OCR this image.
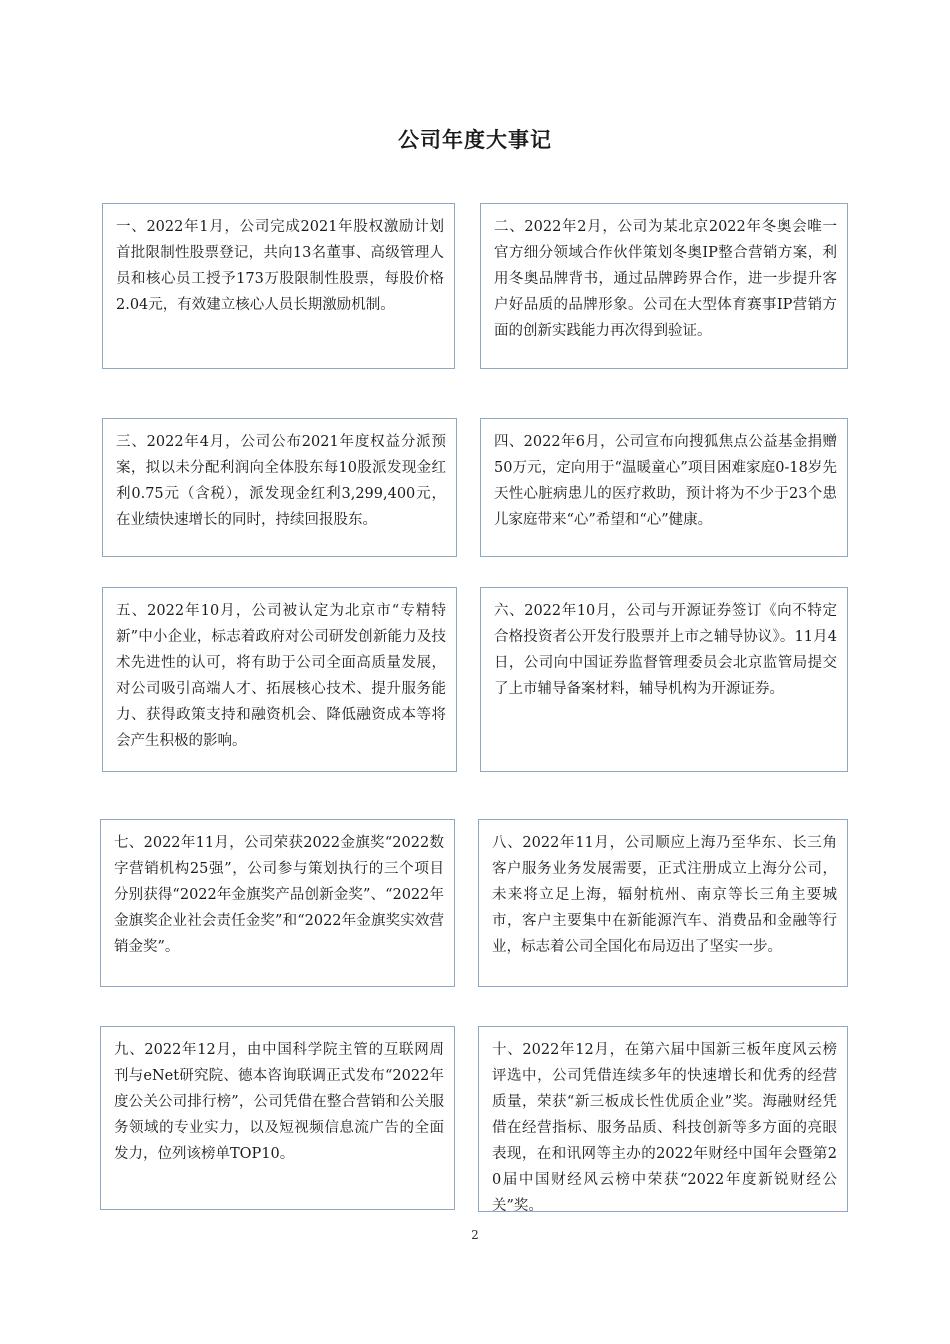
公司年度大事记
一、2022年1月，公司完成2021年股权激励计划首批限制性股票登记，共向13名董事、高级管理人员和核心员工授予173万股限制性股票，每股价格2.04元，有效建立核心人员长期激励机制。
二、2022年2月，公司为某北京2022年冬奥会唯一官方细分领域合作伙伴策划冬奥IP整合营销方案，利用冬奥品牌背书，通过品牌跨界合作，进一步提升客户好品质的品牌形象。公司在大型体育赛事IP营销方面的创新实践能力再次得到验证。
三、2022年4月，公司公布2021年度权益分派预案，拟以未分配利润向全体股东每10股派发现金红利0.75元（含税），派发现金红利3,299,400元，在业绩快速增长的同时，持续回报股东。
四、2022年6月，公司宣布向搜狐焦点公益基金捐赠50万元，定向用于“温暖童心”项目困难家庭0-18岁先天性心脏病患儿的医疗救助，预计将为不少于23个患儿家庭带来“心”希望和“心”健康。
五、2022年10月，公司被认定为北京市“专精特新”中小企业，标志着政府对公司研发创新能力及技术先进性的认可，将有助于公司全面高质量发展，对公司吸引高端人才、拓展核心技术、提升服务能力、获得政策支持和融资机会、降低融资成本等将会产生积极的影响。
六、2022年10月，公司与开源证券签订《向不特定合格投资者公开发行股票并上市之辅导协议》。11月4日，公司向中国证券监督管理委员会北京监管局提交了上市辅导备案材料，辅导机构为开源证券。
七、2022年11月，公司荣获2022金旗奖“2022数字营销机构25强”，公司参与策划执行的三个项目分别获得“2022年金旗奖产品创新金奖”、“2022年金旗奖企业社会责任金奖”和“2022年金旗奖实效营销金奖”。
八、2022年11月，公司顺应上海乃至华东、长三角客户服务业务发展需要，正式注册成立上海分公司，未来将立足上海，辐射杭州、南京等长三角主要城市，客户主要集中在新能源汽车、消费品和金融等行业，标志着公司全国化布局迈出了坚实一步。
九、2022年12月，由中国科学院主管的互联网周刊与eNet研究院、德本咨询联调正式发布“2022年度公关公司排行榜”，公司凭借在整合营销和公关服务领域的专业实力，以及短视频信息流广告的全面发力，位列该榜单TOP10。
十、2022年12月，在第六届中国新三板年度风云榜评选中，公司凭借连续多年的快速增长和优秀的经营质量，荣获“新三板成长性优质企业”奖。海融财经凭借在经营指标、服务品质、科技创新等多方面的亮眼表现，在和讯网等主办的2022年财经中国年会暨第20届中国财经风云榜中荣获“2022年度新锐财经公关”奖。
2
